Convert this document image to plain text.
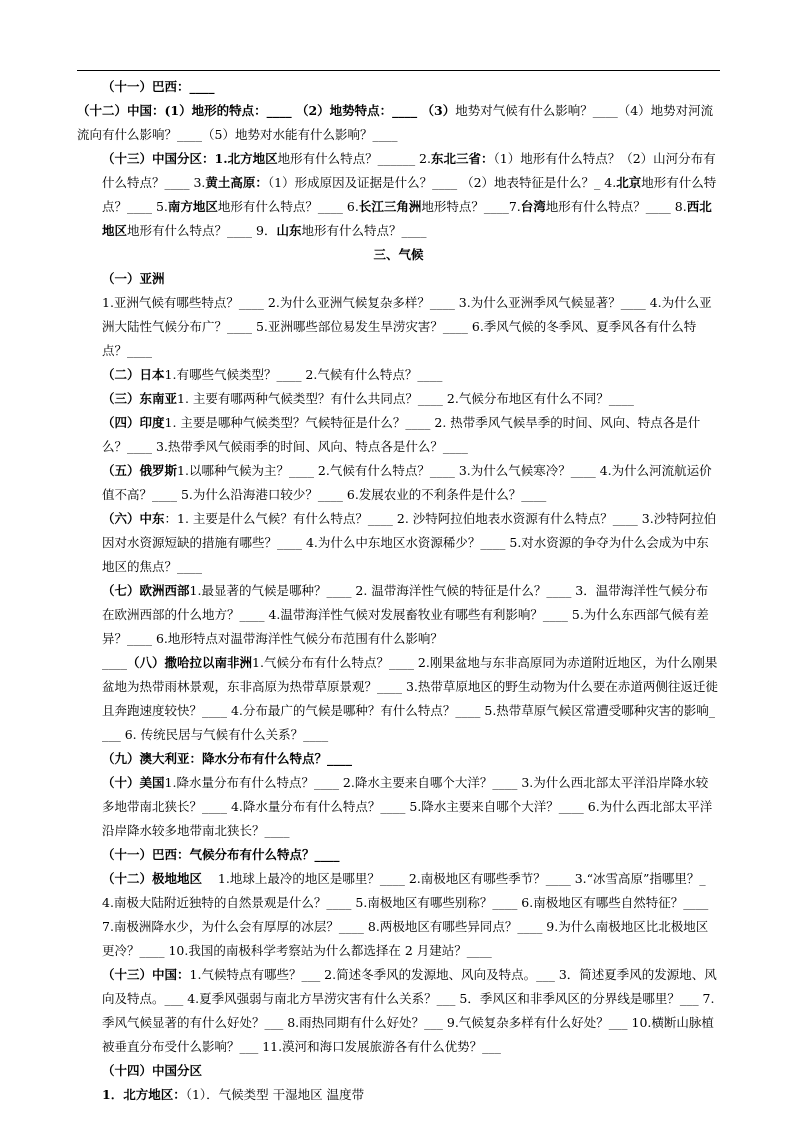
（十一）巴西：____

（十二）中国：(1）地形的特点：____ （2）地势特点：____ （3）地势对气候有什么影响？____（4）地势对河流流向有什么影响？____（5）地势对水能有什么影响？____

（十三）中国分区：1.北方地区地形有什么特点？______ 2.东北三省：（1）地形有什么特点？（2）山河分布有什么特点？____ 3.黄土高原：（1）形成原因及证据是什么？____ （2）地表特征是什么？_ 4.北京地形有什么特点？____ 5.南方地区地形有什么特点？____ 6.长江三角洲地形特点？____7.台湾地形有什么特点？____ 8.西北地区地形有什么特点？____ 9．山东地形有什么特点？____

三、气候

（一）亚洲

1.亚洲气候有哪些特点？____ 2.为什么亚洲气候复杂多样？____ 3.为什么亚洲季风气候显著？____ 4.为什么亚洲大陆性气候分布广？____ 5.亚洲哪些部位易发生旱涝灾害？____ 6.季风气候的冬季风、夏季风各有什么特点？____

（二）日本1.有哪些气候类型？____ 2.气候有什么特点？____

（三）东南亚1. 主要有哪两种气候类型？有什么共同点？____ 2.气候分布地区有什么不同？____

（四）印度1. 主要是哪种气候类型？气候特征是什么？____ 2. 热带季风气候旱季的时间、风向、特点各是什么？____ 3.热带季风气候雨季的时间、风向、特点各是什么？____

（五）俄罗斯1.以哪种气候为主？____ 2.气候有什么特点？____ 3.为什么气候寒冷？____ 4.为什么河流航运价值不高？____ 5.为什么沿海港口较少？____ 6.发展农业的不利条件是什么？____

（六）中东：1. 主要是什么气候？有什么特点？____ 2. 沙特阿拉伯地表水资源有什么特点？____ 3.沙特阿拉伯因对水资源短缺的措施有哪些？____ 4.为什么中东地区水资源稀少？____ 5.对水资源的争夺为什么会成为中东地区的焦点？____

（七）欧洲西部1.最显著的气候是哪种？____ 2. 温带海洋性气候的特征是什么？____ 3．温带海洋性气候分布在欧洲西部的什么地方？____ 4.温带海洋性气候对发展畜牧业有哪些有利影响？____ 5.为什么东西部气候有差异？____ 6.地形特点对温带海洋性气候分布范围有什么影响？

____（八）撒哈拉以南非洲1.气候分布有什么特点？____ 2.刚果盆地与东非高原同为赤道附近地区，为什么刚果盆地为热带雨林景观，东非高原为热带草原景观？____ 3.热带草原地区的野生动物为什么要在赤道两侧往返迁徙且奔跑速度较快？____ 4.分布最广的气候是哪种？有什么特点？____ 5.热带草原气候区常遭受哪种灾害的影响____ 6. 传统民居与气候有什么关系？____

（九）澳大利亚：降水分布有什么特点？____

（十）美国1.降水量分布有什么特点？____ 2.降水主要来自哪个大洋？____ 3.为什么西北部太平洋沿岸降水较多地带南北狭长？____ 4.降水量分布有什么特点？____ 5.降水主要来自哪个大洋？____ 6.为什么西北部太平洋沿岸降水较多地带南北狭长？____

（十一）巴西：气候分布有什么特点？____

（十二）极地地区 1.地球上最冷的地区是哪里？____ 2.南极地区有哪些季节？____ 3.“冰雪高原”指哪里？_

4.南极大陆附近独特的自然景观是什么？____ 5.南极地区有哪些别称？____ 6.南极地区有哪些自然特征？____

7.南极洲降水少，为什么会有厚厚的冰层？____ 8.两极地区有哪些异同点？____ 9.为什么南极地区比北极地区更冷？____ 10.我国的南极科学考察站为什么都选择在 2 月建站？____

（十三）中国：1.气候特点有哪些？___ 2.简述冬季风的发源地、风向及特点。___ 3．简述夏季风的发源地、风向及特点。___ 4.夏季风强弱与南北方旱涝灾害有什么关系？___ 5．季风区和非季风区的分界线是哪里？___ 7.季风气候显著的有什么好处？___ 8.雨热同期有什么好处？___ 9.气候复杂多样有什么好处？___ 10.横断山脉植被垂直分布受什么影响？___ 11.漠河和海口发展旅游各有什么优势？___

（十四）中国分区

1．北方地区：（1）．气候类型 干湿地区 温度带
